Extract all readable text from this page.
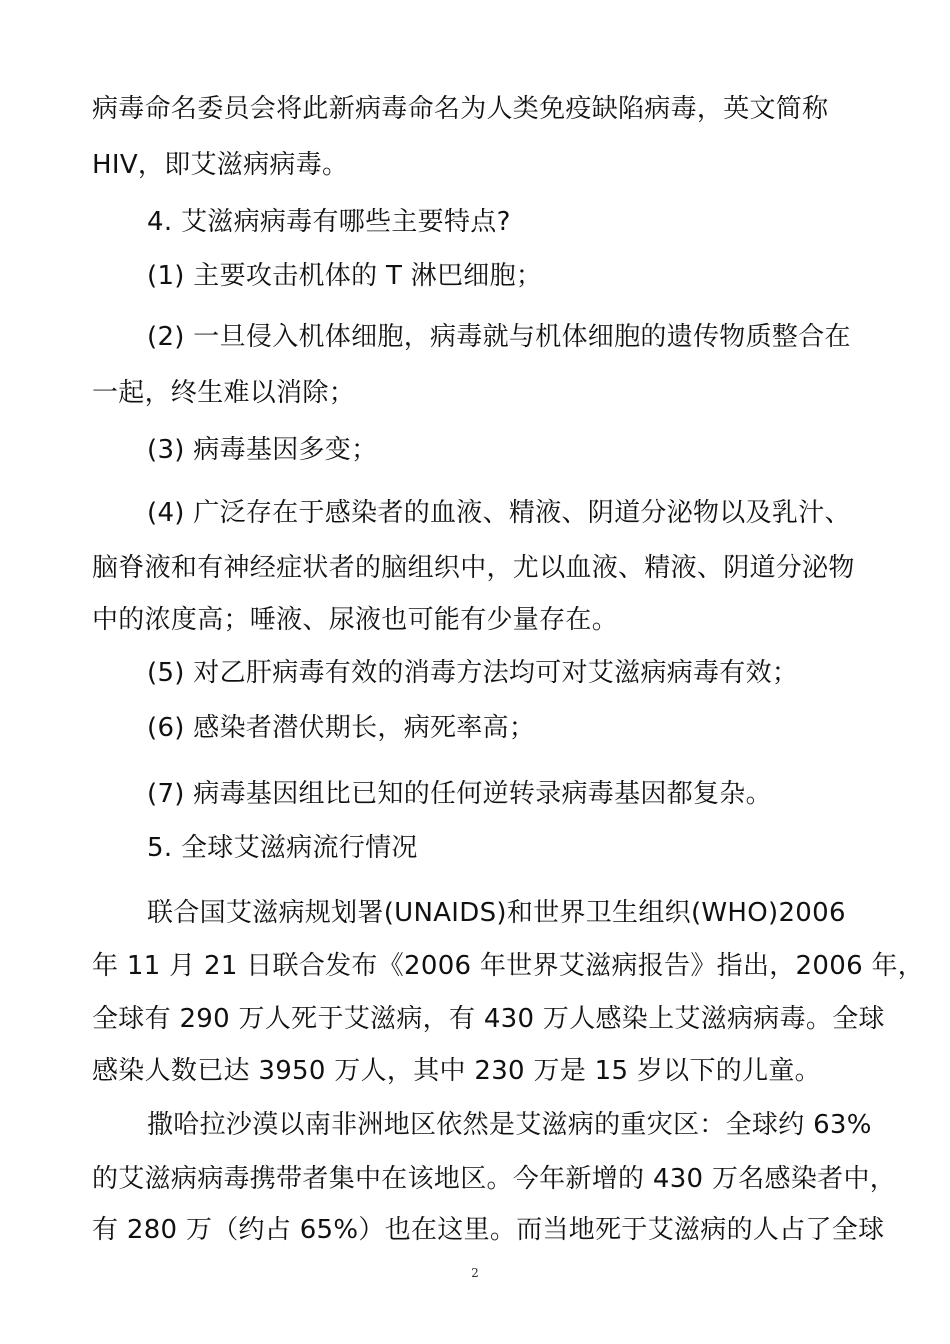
病毒命名委员会将此新病毒命名为人类免疫缺陷病毒，英文简称
HIV，即艾滋病病毒。
4. 艾滋病病毒有哪些主要特点?
(1) 主要攻击机体的 T 淋巴细胞；
(2) 一旦侵入机体细胞，病毒就与机体细胞的遗传物质整合在
一起，终生难以消除；
(3) 病毒基因多变；
(4) 广泛存在于感染者的血液、精液、阴道分泌物以及乳汁、
脑脊液和有神经症状者的脑组织中，尤以血液、精液、阴道分泌物
中的浓度高；唾液、尿液也可能有少量存在。
(5) 对乙肝病毒有效的消毒方法均可对艾滋病病毒有效；
(6) 感染者潜伏期长，病死率高；
(7) 病毒基因组比已知的任何逆转录病毒基因都复杂。
5. 全球艾滋病流行情况
联合国艾滋病规划署(UNAIDS)和世界卫生组织(WHO)2006
年 11 月 21 日联合发布《2006 年世界艾滋病报告》指出，2006 年，
全球有 290 万人死于艾滋病，有 430 万人感染上艾滋病病毒。全球
感染人数已达 3950 万人，其中 230 万是 15 岁以下的儿童。
撒哈拉沙漠以南非洲地区依然是艾滋病的重灾区：全球约 63%
的艾滋病病毒携带者集中在该地区。今年新增的 430 万名感染者中，
有 280 万（约占 65%）也在这里。而当地死于艾滋病的人占了全球
2
